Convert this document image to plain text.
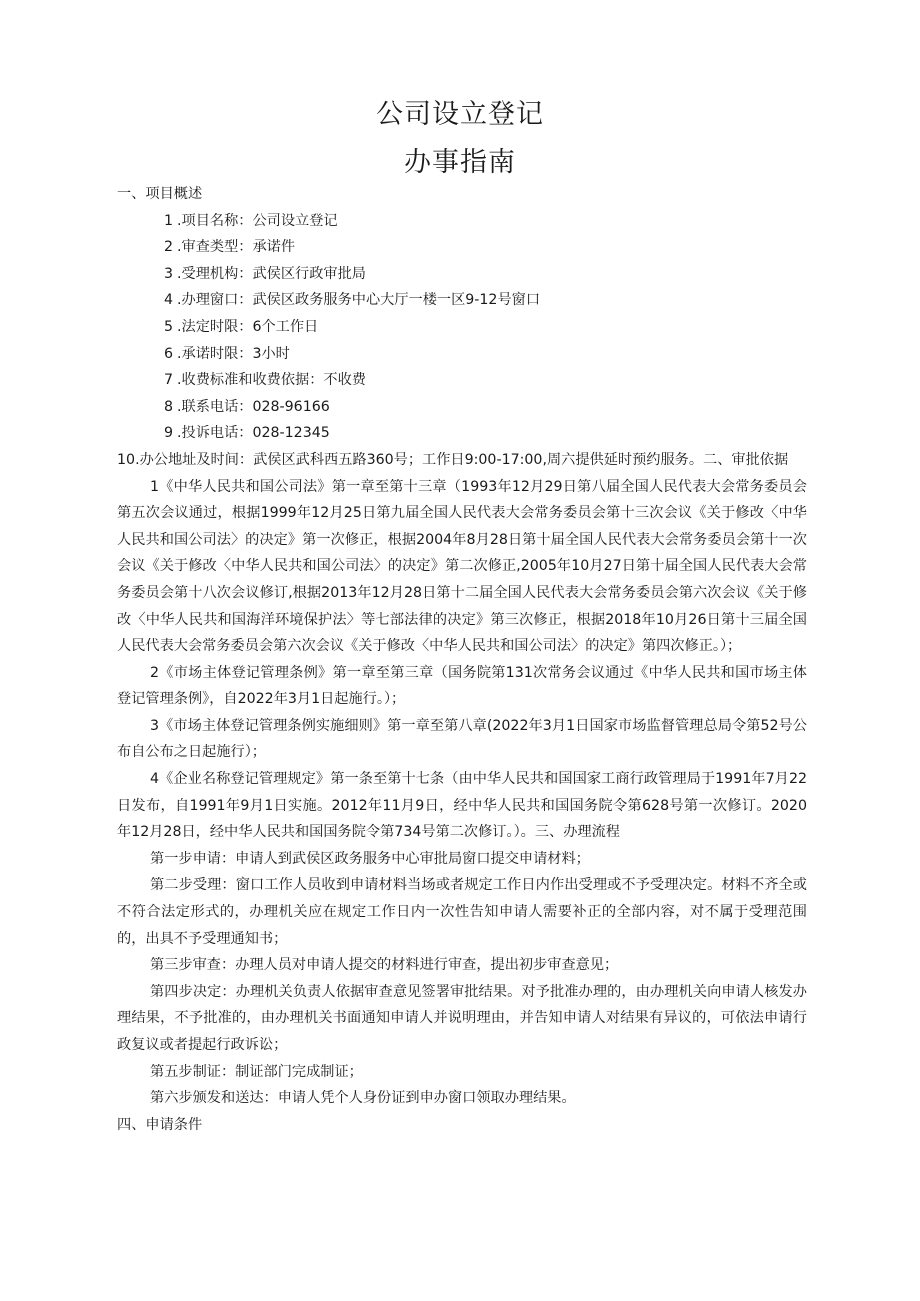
公司设立登记
办事指南

一、项目概述

1 .项目名称：公司设立登记

2 .审查类型：承诺件

3 .受理机构：武侯区行政审批局

4 .办理窗口：武侯区政务服务中心大厅一楼一区9-12号窗口

5 .法定时限：6个工作日

6 .承诺时限：3小时

7 .收费标准和收费依据：不收费

8 .联系电话：028-96166

9 .投诉电话：028-12345

10.办公地址及时间：武侯区武科西五路360号；工作日9:00-17:00,周六提供延时预约服务。二、审批依据

1《中华人民共和国公司法》第一章至第十三章（1993年12月29日第八届全国人民代表大会常务委员会第五次会议通过，根据1999年12月25日第九届全国人民代表大会常务委员会第十三次会议《关于修改〈中华人民共和国公司法〉的决定》第一次修正，根据2004年8月28日第十届全国人民代表大会常务委员会第十一次会议《关于修改〈中华人民共和国公司法〉的决定》第二次修正,2005年10月27日第十届全国人民代表大会常务委员会第十八次会议修订,根据2013年12月28日第十二届全国人民代表大会常务委员会第六次会议《关于修改〈中华人民共和国海洋环境保护法〉等七部法律的决定》第三次修正，根据2018年10月26日第十三届全国人民代表大会常务委员会第六次会议《关于修改〈中华人民共和国公司法〉的决定》第四次修正。）；

2《市场主体登记管理条例》第一章至第三章（国务院第131次常务会议通过《中华人民共和国市场主体登记管理条例》，自2022年3月1日起施行。）；

3《市场主体登记管理条例实施细则》第一章至第八章(2022年3月1日国家市场监督管理总局令第52号公布自公布之日起施行）；

4《企业名称登记管理规定》第一条至第十七条（由中华人民共和国国家工商行政管理局于1991年7月22日发布，自1991年9月1日实施。2012年11月9日，经中华人民共和国国务院令第628号第一次修订。2020年12月28日，经中华人民共和国国务院令第734号第二次修订。）。三、办理流程

第一步申请：申请人到武侯区政务服务中心审批局窗口提交申请材料；

第二步受理：窗口工作人员收到申请材料当场或者规定工作日内作出受理或不予受理决定。材料不齐全或不符合法定形式的，办理机关应在规定工作日内一次性告知申请人需要补正的全部内容，对不属于受理范围的，出具不予受理通知书；

第三步审查：办理人员对申请人提交的材料进行审查，提出初步审查意见；

第四步决定：办理机关负责人依据审查意见签署审批结果。对予批准办理的，由办理机关向申请人核发办理结果，不予批准的，由办理机关书面通知申请人并说明理由，并告知申请人对结果有异议的，可依法申请行政复议或者提起行政诉讼；

第五步制证：制证部门完成制证；

第六步颁发和送达：申请人凭个人身份证到申办窗口领取办理结果。

四、申请条件
